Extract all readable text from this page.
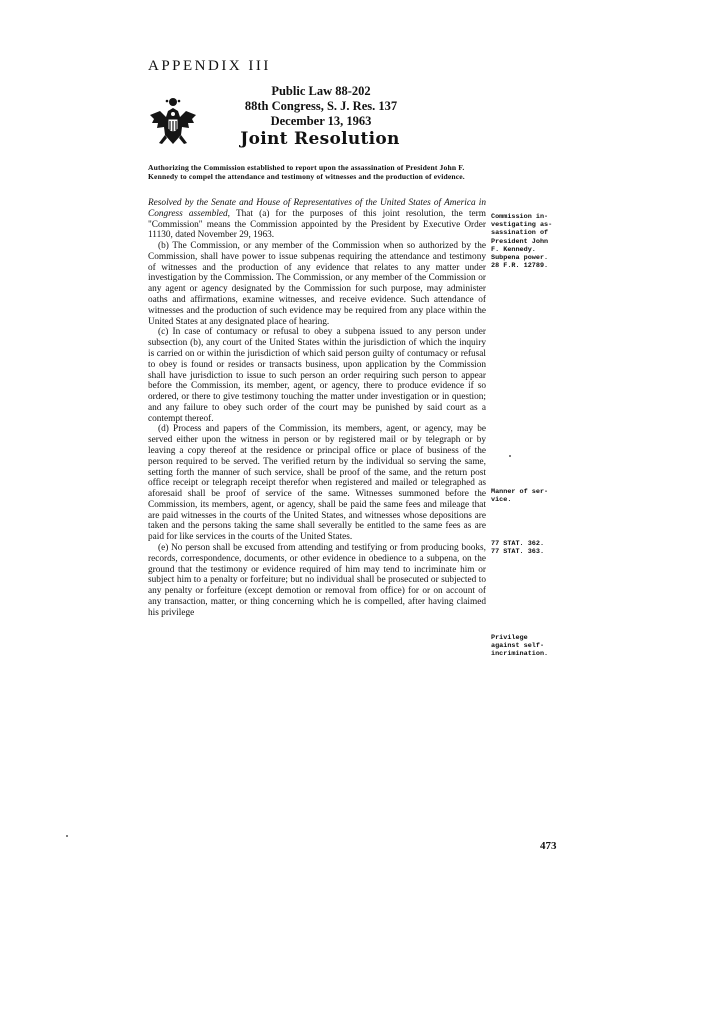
APPENDIX III
Public Law 88-202
88th Congress, S. J. Res. 137
December 13, 1963
Joint Resolution
Authorizing the Commission established to report upon the assassination of President John F. Kennedy to compel the attendance and testimony of witnesses and the production of evidence.

Resolved by the Senate and House of Representatives of the United States of America in Congress assembled, That (a) for the purposes of this joint resolution, the term "Commission" means the Commission appointed by the President by Executive Order 11130, dated November 29, 1963.

(b) The Commission, or any member of the Commission when so authorized by the Commission, shall have power to issue subpenas requiring the attendance and testimony of witnesses and the production of any evidence that relates to any matter under investigation by the Commission. The Commission, or any member of the Commission or any agent or agency designated by the Commission for such purpose, may administer oaths and affirmations, examine witnesses, and receive evidence. Such attendance of witnesses and the production of such evidence may be required from any place within the United States at any designated place of hearing.

(c) In case of contumacy or refusal to obey a subpena issued to any person under subsection (b), any court of the United States within the jurisdiction of which the inquiry is carried on or within the jurisdiction of which said person guilty of contumacy or refusal to obey is found or resides or transacts business, upon application by the Commission shall have jurisdiction to issue to such person an order requiring such person to appear before the Commission, its member, agent, or agency, there to produce evidence if so ordered, or there to give testimony touching the matter under investigation or in question; and any failure to obey such order of the court may be punished by said court as a contempt thereof.

(d) Process and papers of the Commission, its members, agent, or agency, may be served either upon the witness in person or by registered mail or by telegraph or by leaving a copy thereof at the residence or principal office or place of business of the person required to be served. The verified return by the individual so serving the same, setting forth the manner of such service, shall be proof of the same, and the return post office receipt or telegraph receipt therefor when registered and mailed or telegraphed as aforesaid shall be proof of service of the same. Witnesses summoned before the Commission, its members, agent, or agency, shall be paid the same fees and mileage that are paid witnesses in the courts of the United States, and witnesses whose depositions are taken and the persons taking the same shall severally be entitled to the same fees as are paid for like services in the courts of the United States.

(e) No person shall be excused from attending and testifying or from producing books, records, correspondence, documents, or other evidence in obedience to a subpena, on the ground that the testimony or evidence required of him may tend to incriminate him or subject him to a penalty or forfeiture; but no individual shall be prosecuted or subjected to any penalty or forfeiture (except demotion or removal from office) for or on account of any transaction, matter, or thing concerning which he is compelled, after having claimed his privilege

Commission in-
vestigating as-
sassination of
President John
F. Kennedy.
Subpena power.
28 F.R. 12789.
Manner of ser-
vice.
77 STAT. 362.
77 STAT. 363.
Privilege
against self-
incrimination.
473
